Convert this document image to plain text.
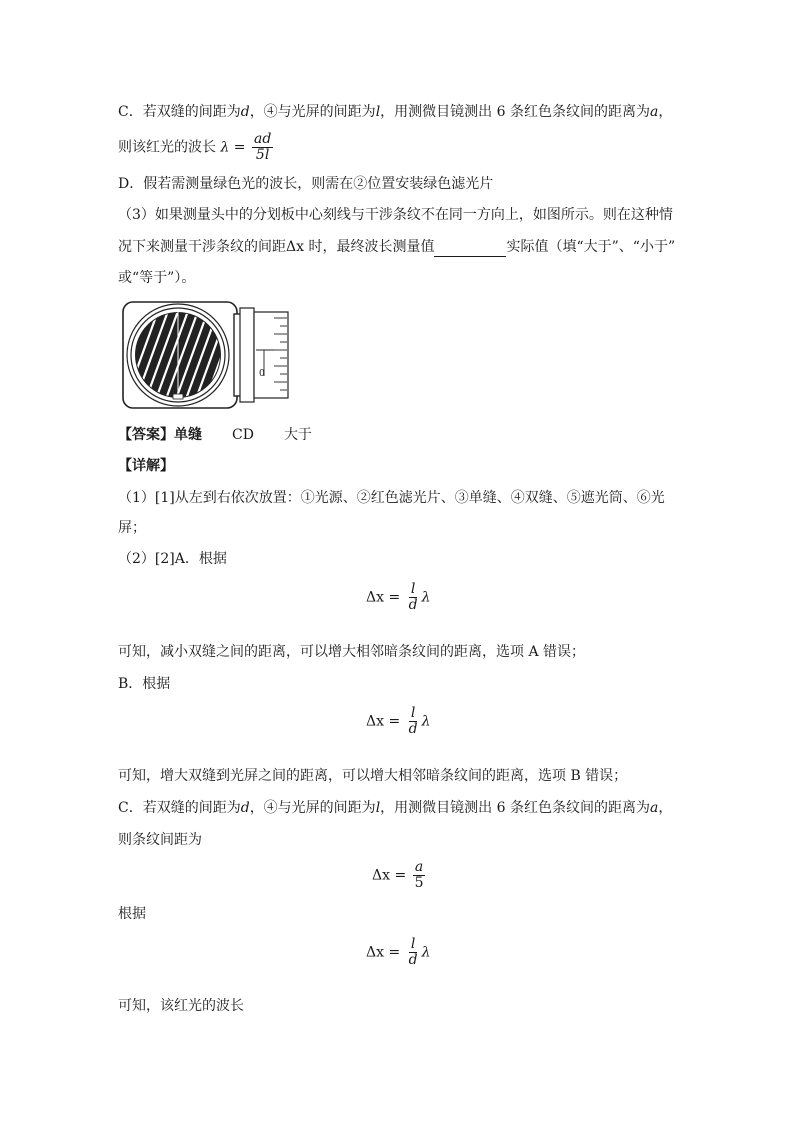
C．若双缝的间距为d，④与光屏的间距为l，用测微目镜测出 6 条红色条纹间的距离为a，
则该红光的波长 $\lambda = \frac{ad}{5l}$
D．假若需测量绿色光的波长，则需在②位置安装绿色滤光片
（3）如果测量头中的分划板中心刻线与干涉条纹不在同一方向上，如图所示。则在这种情
况下来测量干涉条纹的间距Δx 时，最终波长测量值	实际值（填“大于”、“小于”
或“等于”）。
0
【答案】单缝 CD 大于
【详解】
（1）[1]从左到右依次放置：①光源、②红色滤光片、③单缝、④双缝、⑤遮光筒、⑥光
屏；
（2）[2]A．根据
$\Delta x = \frac{l}{d}$ λ
可知，减小双缝之间的距离，可以增大相邻暗条纹间的距离，选项 A 错误；
B．根据
$\Delta x = \frac{l}{d}$ λ
可知，增大双缝到光屏之间的距离，可以增大相邻暗条纹间的距离，选项 B 错误；
C．若双缝的间距为d，④与光屏的间距为l，用测微目镜测出 6 条红色条纹间的距离为a，
则条纹间距为
$\Delta x = \frac{a}{5}$
根据
$\Delta x = \frac{l}{d}$ λ
可知，该红光的波长
